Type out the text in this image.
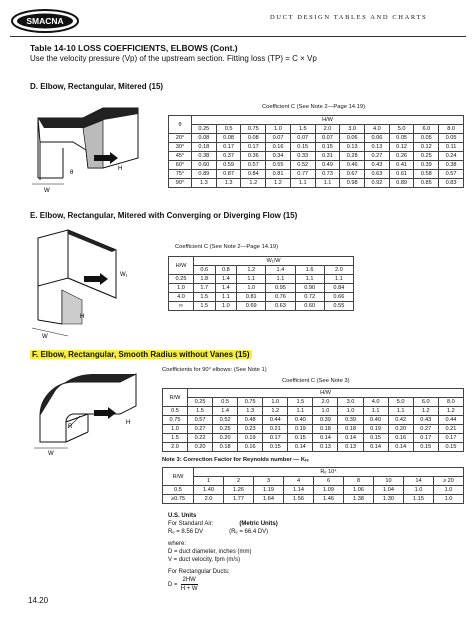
SMACNA	DUCT DESIGN TABLES AND CHARTS
Table 14-10 LOSS COEFFICIENTS, ELBOWS (Cont.)
Use the velocity pressure (Vp) of the upstream section. Fitting loss (TP) = C × Vp
D. Elbow, Rectangular, Mitered (15)
W
H
θ
Coefficient C (See Note 2—Page 14.19)
θ	H/W										
	0.25	0.5	0.75	1.0	1.5	2.0	3.0	4.0	5.0	6.0	8.0
20°	0.08	0.08	0.08	0.07	0.07	0.07	0.06	0.06	0.05	0.05	0.05
30°	0.18	0.17	0.17	0.16	0.15	0.15	0.13	0.13	0.12	0.12	0.11
45°	0.38	0.37	0.36	0.34	0.33	0.31	0.28	0.27	0.26	0.25	0.24
60°	0.60	0.59	0.57	0.55	0.52	0.49	0.46	0.43	0.41	0.39	0.38
75°	0.89	0.87	0.84	0.81	0.77	0.73	0.67	0.63	0.61	0.58	0.57
90°	1.3	1.3	1.2	1.2	1.1	1.1	0.98	0.92	0.89	0.85	0.83
E. Elbow, Rectangular, Mitered with Converging or Diverging Flow (15)
W
H
W₁
Coefficient C (See Note 2—Page 14.19)
H/W	W₁/W					
	0.6	0.8	1.2	1.4	1.6	2.0
0.25	1.8	1.4	1.1	1.1	1.1	1.1
1.0	1.7	1.4	1.0	0.95	0.90	0.84
4.0	1.5	1.1	0.81	0.76	0.72	0.66
∞	1.5	1.0	0.69	0.63	0.60	0.55
F. Elbow, Rectangular, Smooth Radius without Vanes (15)
W
H
R
Coefficients for 90° elbows: (See Note 1)
Coefficient C (See Note 3)
R/W	H/W										
	0.25	0.5	0.75	1.0	1.5	2.0	3.0	4.0	5.0	6.0	8.0
0.5	1.5	1.4	1.3	1.2	1.1	1.0	1.0	1.1	1.1	1.2	1.2
0.75	0.57	0.52	0.48	0.44	0.40	0.39	0.39	0.40	0.42	0.43	0.44
1.0	0.27	0.25	0.23	0.21	0.19	0.18	0.18	0.19	0.20	0.27	0.21
1.5	0.22	0.20	0.19	0.17	0.15	0.14	0.14	0.15	0.16	0.17	0.17
2.0	0.20	0.18	0.16	0.15	0.14	0.13	0.13	0.14	0.14	0.15	0.15
Note 3: Correction Factor for Reynolds number — Kᵣₑ
R/W	Rₑ 10⁴								
	1	2	3	4	6	8	10	14	≥ 20
0.5	1.40	1.26	1.19	1.14	1.09	1.06	1.04	1.0	1.0
≥0.75	2.0	1.77	1.64	1.56	1.46	1.38	1.30	1.15	1.0
U.S. Units
For Standard Air:	(Metric Units)
Rₑ = 8.56 DV	(Rₑ = 66.4 DV)
where:
D = duct diameter, inches (mm)
V = duct velocity, fpm (m/s)
For Rectangular Ducts:
$D = \frac{2HW}{H + W}$
14.20
